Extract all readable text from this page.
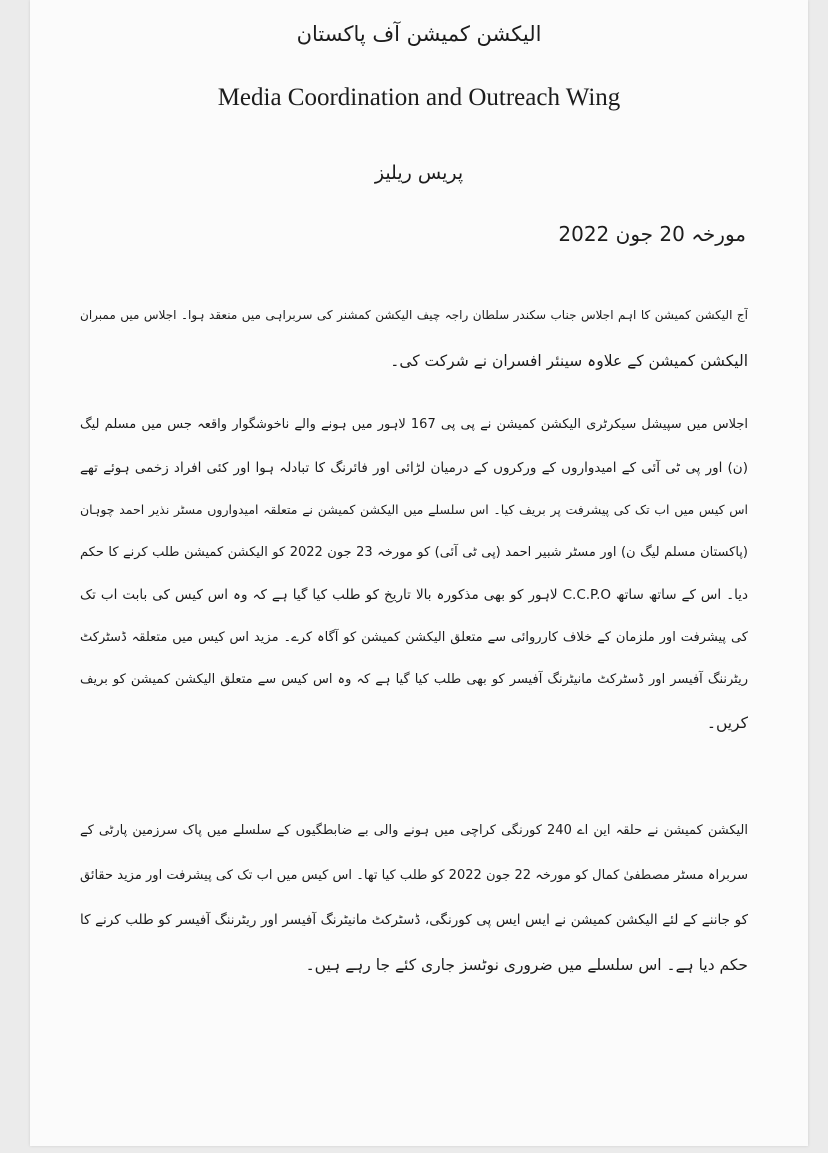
الیکشن کمیشن آف پاکستان
Media Coordination and Outreach Wing
پریس ریلیز
مورخہ 20 جون 2022
آج الیکشن کمیشن کا اہم اجلاس جناب سکندر سلطان راجہ چیف الیکشن کمشنر کی سربراہی میں منعقد ہوا۔ اجلاس میں ممبران
الیکشن کمیشن کے علاوہ سینئر افسران نے شرکت کی۔
اجلاس میں سپیشل سیکرٹری الیکشن کمیشن نے پی پی 167 لاہور میں ہونے والے ناخوشگوار واقعہ جس میں مسلم لیگ
(ن) اور پی ٹی آئی کے امیدواروں کے ورکروں کے درمیان لڑائی اور فائرنگ کا تبادلہ ہوا اور کئی افراد زخمی ہوئے تھے
اس کیس میں اب تک کی پیشرفت پر بریف کیا۔ اس سلسلے میں الیکشن کمیشن نے متعلقہ امیدواروں مسٹر نذیر احمد چوہان
(پاکستان مسلم لیگ ن) اور مسٹر شبیر احمد (پی ٹی آئی) کو مورخہ 23 جون 2022 کو الیکشن کمیشن طلب کرنے کا حکم
دیا۔ اس کے ساتھ ساتھ C.C.P.O لاہور کو بھی مذکورہ بالا تاریخ کو طلب کیا گیا ہے کہ وہ اس کیس کی بابت اب تک
کی پیشرفت اور ملزمان کے خلاف کارروائی سے متعلق الیکشن کمیشن کو آگاہ کرے۔ مزید اس کیس میں متعلقہ ڈسٹرکٹ
ریٹرننگ آفیسر اور ڈسٹرکٹ مانیٹرنگ آفیسر کو بھی طلب کیا گیا ہے کہ وہ اس کیس سے متعلق الیکشن کمیشن کو بریف
کریں۔
الیکشن کمیشن نے حلقہ این اے 240 کورنگی کراچی میں ہونے والی بے ضابطگیوں کے سلسلے میں پاک سرزمین پارٹی کے
سربراہ مسٹر مصطفیٰ کمال کو مورخہ 22 جون 2022 کو طلب کیا تھا۔ اس کیس میں اب تک کی پیشرفت اور مزید حقائق
کو جاننے کے لئے الیکشن کمیشن نے ایس ایس پی کورنگی، ڈسٹرکٹ مانیٹرنگ آفیسر اور ریٹرننگ آفیسر کو طلب کرنے کا
حکم دیا ہے۔ اس سلسلے میں ضروری نوٹسز جاری کئے جا رہے ہیں۔
